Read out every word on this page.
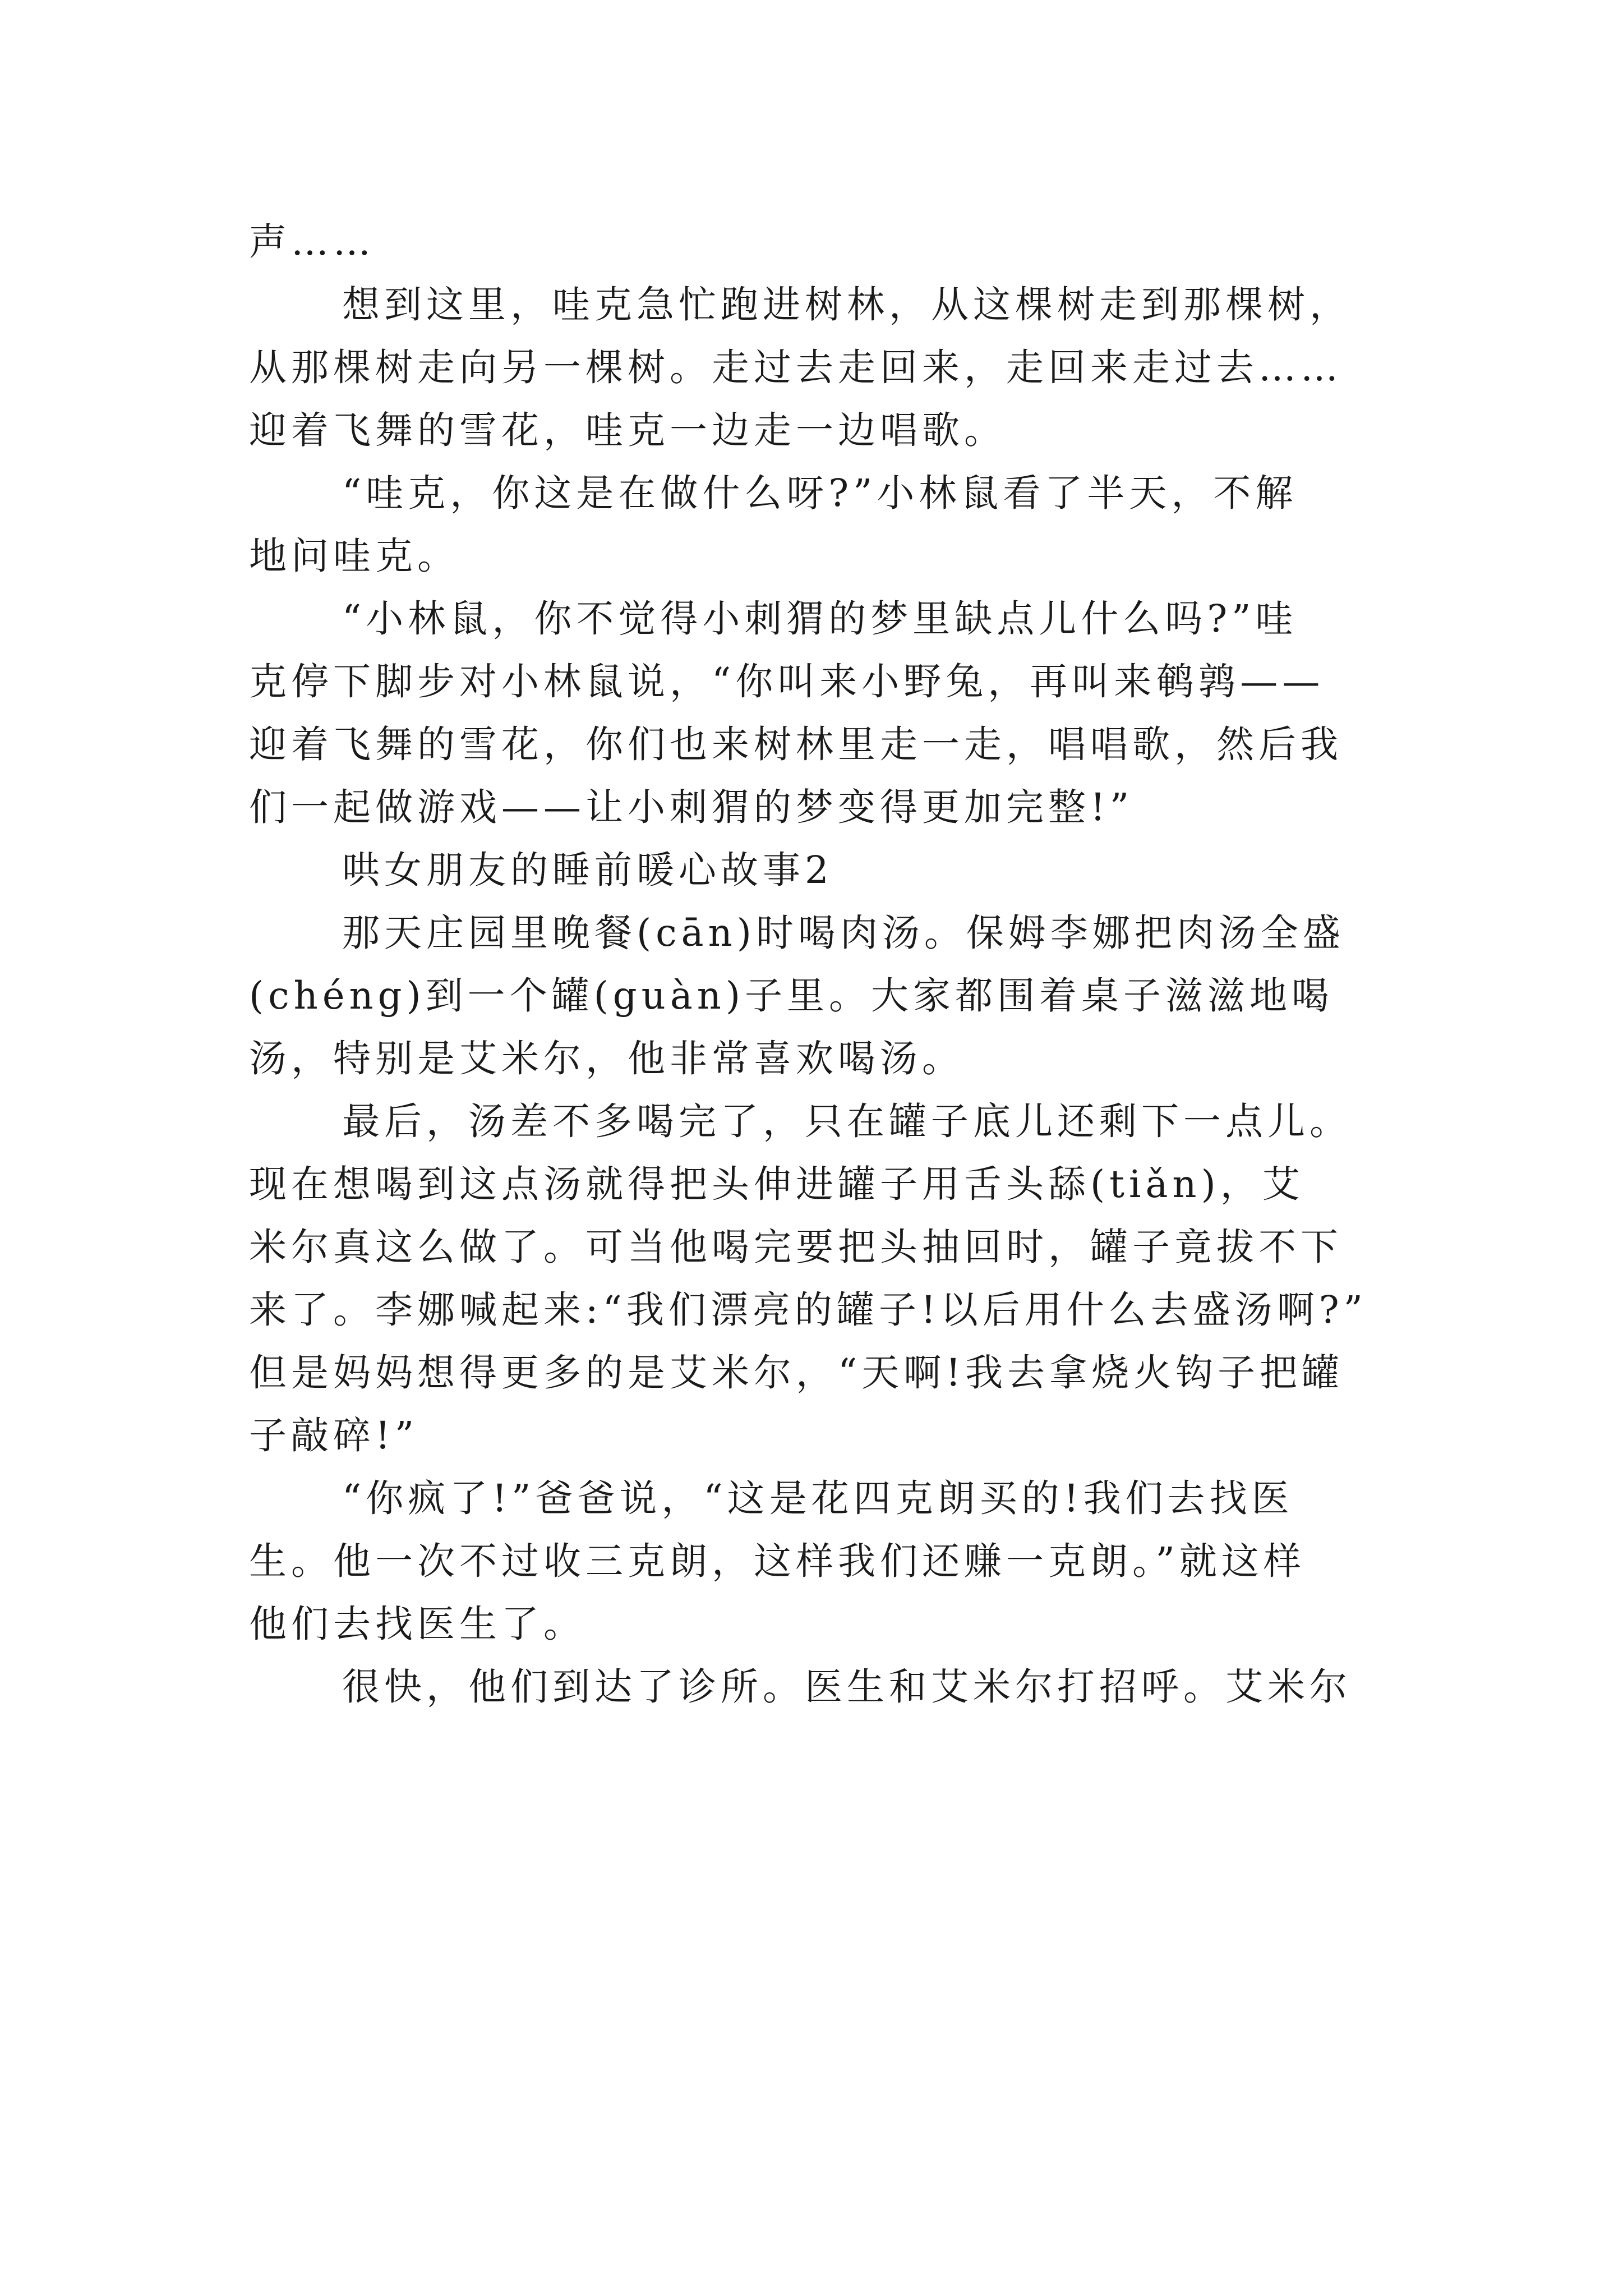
声……
想到这里，哇克急忙跑进树林，从这棵树走到那棵树，
从那棵树走向另一棵树。走过去走回来，走回来走过去……
迎着飞舞的雪花，哇克一边走一边唱歌。
“哇克，你这是在做什么呀?”小林鼠看了半天，不解
地问哇克。
“小林鼠，你不觉得小刺猬的梦里缺点儿什么吗?”哇
克停下脚步对小林鼠说，“你叫来小野兔，再叫来鹌鹑——
迎着飞舞的雪花，你们也来树林里走一走，唱唱歌，然后我
们一起做游戏——让小刺猬的梦变得更加完整!”
哄女朋友的睡前暖心故事2
那天庄园里晚餐(cān)时喝肉汤。保姆李娜把肉汤全盛
(chéng)到一个罐(guàn)子里。大家都围着桌子滋滋地喝
汤，特别是艾米尔，他非常喜欢喝汤。
最后，汤差不多喝完了，只在罐子底儿还剩下一点儿。
现在想喝到这点汤就得把头伸进罐子用舌头舔(tiǎn)，艾
米尔真这么做了。可当他喝完要把头抽回时，罐子竟拔不下
来了。李娜喊起来:“我们漂亮的罐子!以后用什么去盛汤啊?”
但是妈妈想得更多的是艾米尔，“天啊!我去拿烧火钩子把罐
子敲碎!”
“你疯了!”爸爸说，“这是花四克朗买的!我们去找医
生。他一次不过收三克朗，这样我们还赚一克朗。”就这样
他们去找医生了。
很快，他们到达了诊所。医生和艾米尔打招呼。艾米尔
